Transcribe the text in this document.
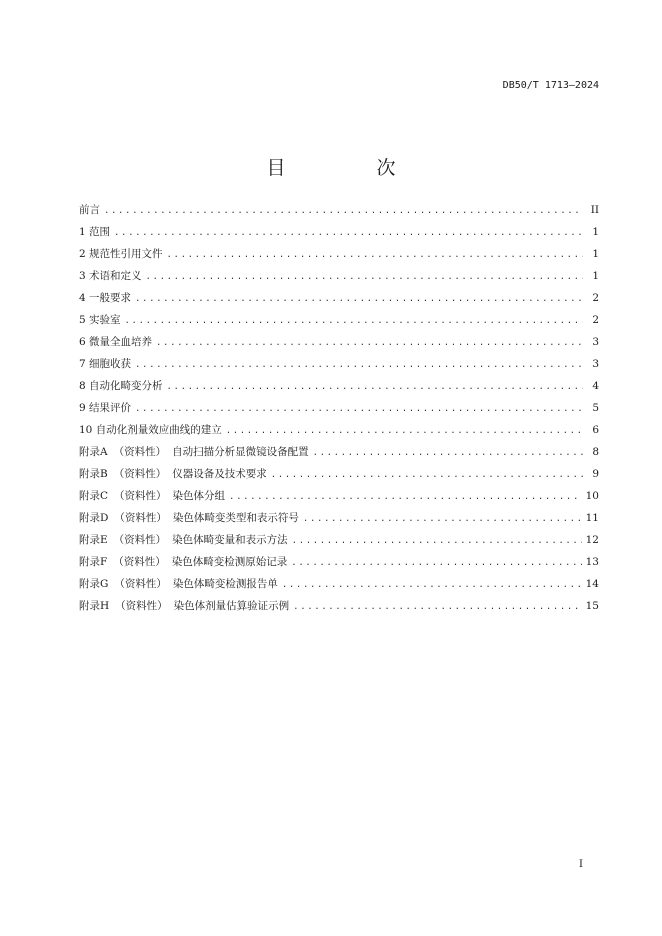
DB50/T 1713—2024
目　次
前言 .....	II
1 范围 .....	1
2 规范性引用文件 .....	1
3 术语和定义 .....	1
4 一般要求 .....	2
5 实验室 .....	2
6 微量全血培养 .....	3
7 细胞收获 .....	3
8 自动化畸变分析 .....	4
9 结果评价 .....	5
10 自动化剂量效应曲线的建立 .....	6
附录A （资料性） 自动扫描分析显微镜设备配置 .....	8
附录B （资料性） 仪器设备及技术要求 .....	9
附录C （资料性） 染色体分组 .....	10
附录D （资料性） 染色体畸变类型和表示符号 .....	11
附录E （资料性） 染色体畸变量和表示方法 .....	12
附录F （资料性） 染色体畸变检测原始记录 .....	13
附录G （资料性） 染色体畸变检测报告单 .....	14
附录H （资料性） 染色体剂量估算验证示例 .....	15
I
